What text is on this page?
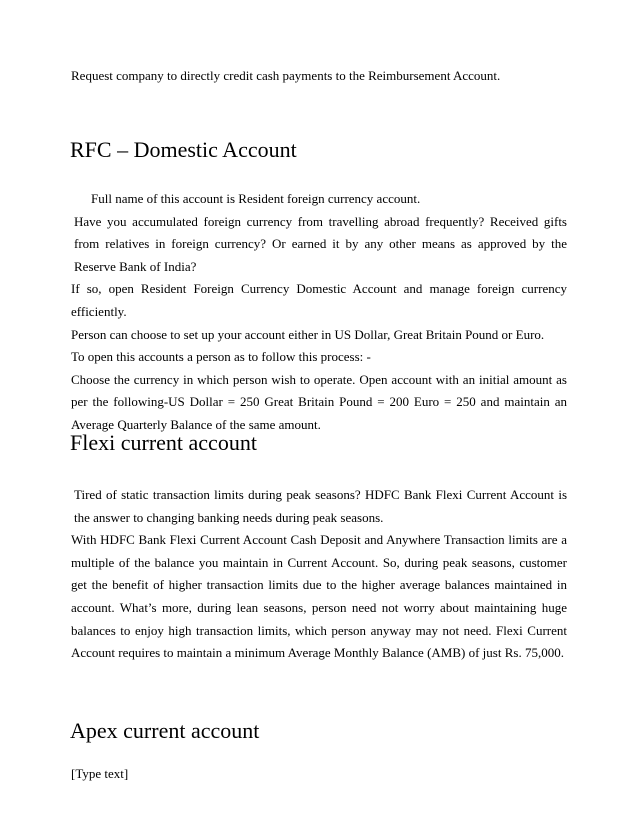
Request company to directly credit cash payments to the Reimbursement Account.
RFC – Domestic Account

Full name of this account is Resident foreign currency account.

Have you accumulated foreign currency from travelling abroad frequently? Received gifts from relatives in foreign currency? Or earned it by any other means as approved by the Reserve Bank of India?

If so, open Resident Foreign Currency Domestic Account and manage foreign currency efficiently.

Person can choose to set up your account either in US Dollar, Great Britain Pound or Euro.

To open this accounts a person as to follow this process: -

Choose the currency in which person wish to operate. Open account with an initial amount as per the following-US Dollar = 250 Great Britain Pound = 200 Euro = 250 and maintain an Average Quarterly Balance of the same amount.

Flexi current account

Tired of static transaction limits during peak seasons? HDFC Bank Flexi Current Account is the answer to changing banking needs during peak seasons.

With HDFC Bank Flexi Current Account Cash Deposit and Anywhere Transaction limits are a multiple of the balance you maintain in Current Account. So, during peak seasons, customer get the benefit of higher transaction limits due to the higher average balances maintained in account. What’s more, during lean seasons, person need not worry about maintaining huge balances to enjoy high transaction limits, which person anyway may not need. Flexi Current Account requires to maintain a minimum Average Monthly Balance (AMB) of just Rs. 75,000.

Apex current account
[Type text]
